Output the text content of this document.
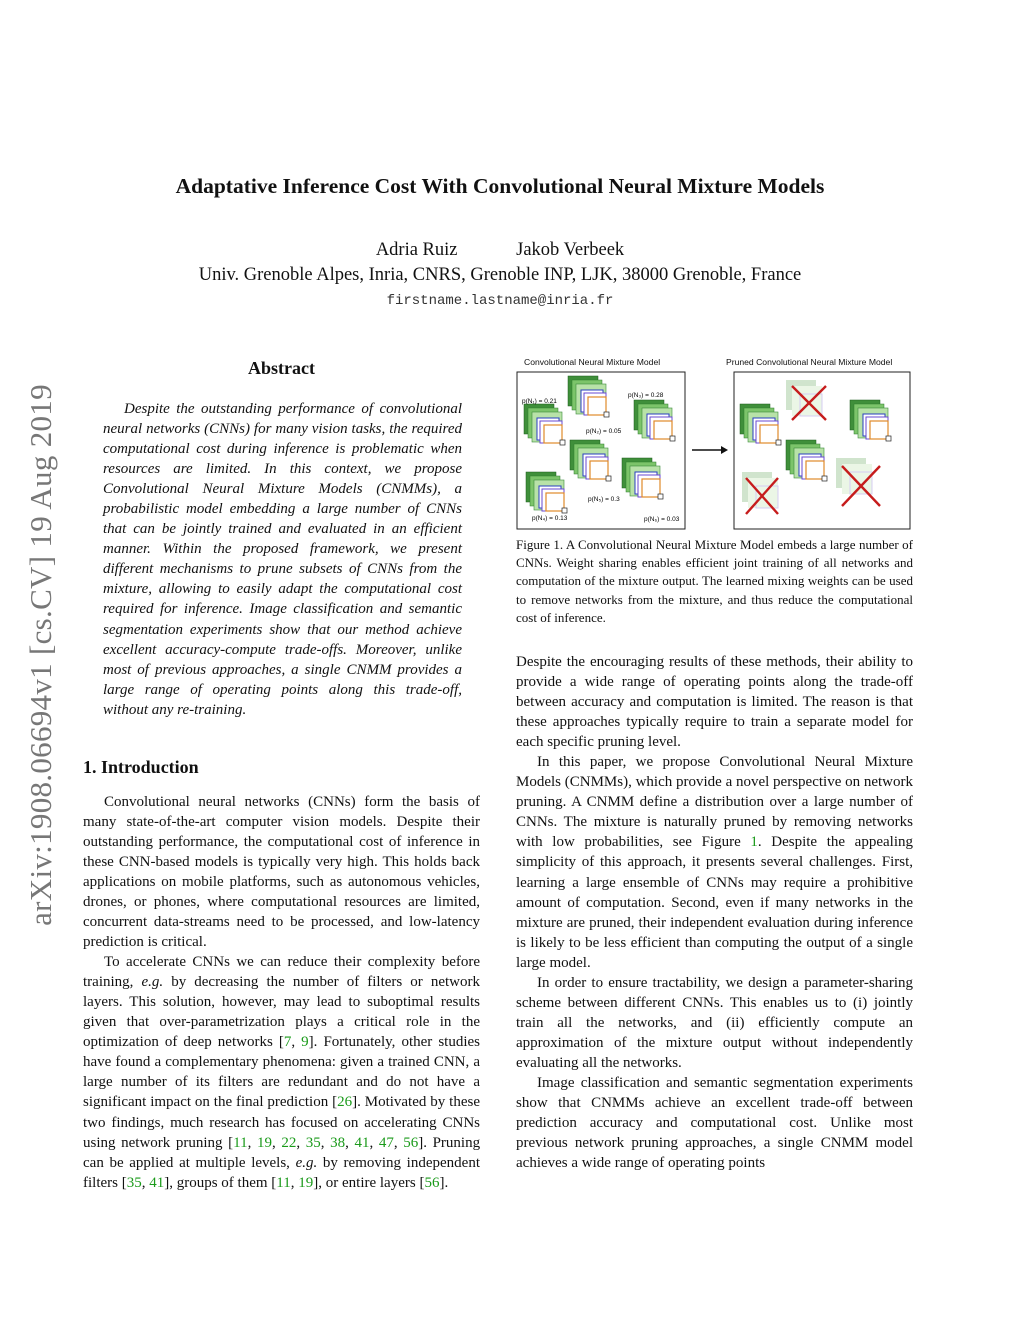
arXiv:1908.06694v1 [cs.CV] 19 Aug 2019
Adaptative Inference Cost With Convolutional Neural Mixture Models
Adria Ruiz	Jakob Verbeek
Univ. Grenoble Alpes, Inria, CNRS, Grenoble INP, LJK, 38000 Grenoble, France
firstname.lastname@inria.fr
Abstract

Despite the outstanding performance of convolutional neural networks (CNNs) for many vision tasks, the required computational cost during inference is problematic when resources are limited. In this context, we propose Convolutional Neural Mixture Models (CNMMs), a probabilistic model embedding a large number of CNNs that can be jointly trained and evaluated in an efficient manner. Within the proposed framework, we present different mechanisms to prune subsets of CNNs from the mixture, allowing to easily adapt the computational cost required for inference. Image classification and semantic segmentation experiments show that our method achieve excellent accuracy-compute trade-offs. Moreover, unlike most of previous approaches, a single CNMM provides a large range of operating points along this trade-off, without any re-training.

1. Introduction

Convolutional neural networks (CNNs) form the basis of many state-of-the-art computer vision models. Despite their outstanding performance, the computational cost of inference in these CNN-based models is typically very high. This holds back applications on mobile platforms, such as autonomous vehicles, drones, or phones, where computational resources are limited, concurrent data-streams need to be processed, and low-latency prediction is critical.

To accelerate CNNs we can reduce their complexity before training, e.g. by decreasing the number of filters or network layers. This solution, however, may lead to suboptimal results given that over-parametrization plays a critical role in the optimization of deep networks [7, 9]. Fortunately, other studies have found a complementary phenomena: given a trained CNN, a large number of its filters are redundant and do not have a significant impact on the final prediction [26]. Motivated by these two findings, much research has focused on accelerating CNNs using network pruning [11, 19, 22, 35, 38, 41, 47, 56]. Pruning can be applied at multiple levels, e.g. by removing independent filters [35, 41], groups of them [11, 19], or entire layers [56].

Convolutional Neural Mixture Model	Pruned Convolutional Neural Mixture Model
p(N₁) = 0.21
p(N₂) = 0.05
p(N₃) = 0.28
p(N₄) = 0.13
p(N₅) = 0.3
p(N₆) = 0.03
Figure 1. A Convolutional Neural Mixture Model embeds a large number of CNNs. Weight sharing enables efficient joint training of all networks and computation of the mixture output. The learned mixing weights can be used to remove networks from the mixture, and thus reduce the computational cost of inference.

Despite the encouraging results of these methods, their ability to provide a wide range of operating points along the trade-off between accuracy and computation is limited. The reason is that these approaches typically require to train a separate model for each specific pruning level.

In this paper, we propose Convolutional Neural Mixture Models (CNMMs), which provide a novel perspective on network pruning. A CNMM define a distribution over a large number of CNNs. The mixture is naturally pruned by removing networks with low probabilities, see Figure 1. Despite the appealing simplicity of this approach, it presents several challenges. First, learning a large ensemble of CNNs may require a prohibitive amount of computation. Second, even if many networks in the mixture are pruned, their independent evaluation during inference is likely to be less efficient than computing the output of a single large model.

In order to ensure tractability, we design a parameter-sharing scheme between different CNNs. This enables us to (i) jointly train all the networks, and (ii) efficiently compute an approximation of the mixture output without independently evaluating all the networks.

Image classification and semantic segmentation experiments show that CNMMs achieve an excellent trade-off between prediction accuracy and computational cost. Unlike most previous network pruning approaches, a single CNMM model achieves a wide range of operating points
